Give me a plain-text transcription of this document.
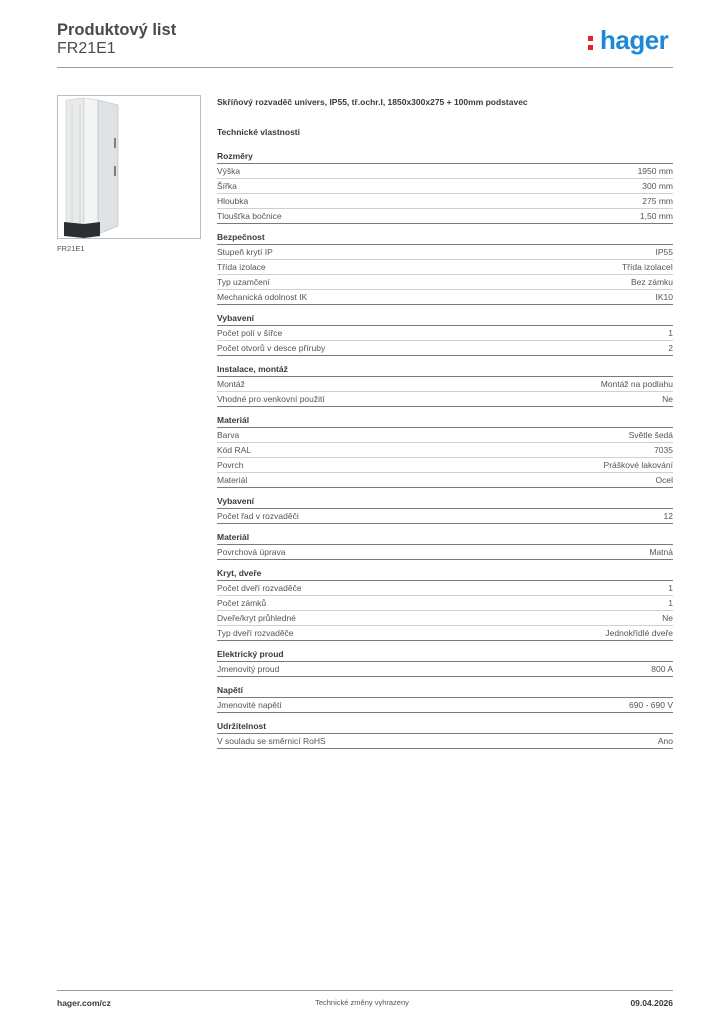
Produktový list
FR21E1	hager
FR21E1
Skříňový rozvaděč univers, IP55, tř.ochr.I, 1850x300x275 + 100mm podstavec
Technické vlastnosti
Rozměry
Výška	1950 mm
Šířka	300 mm
Hloubka	275 mm
Tloušťka bočnice	1,50 mm
Bezpečnost
Stupeň krytí IP	IP55
Třída izolace	Třída izolaceI
Typ uzamčení	Bez zámku
Mechanická odolnost IK	IK10
Vybavení
Počet polí v šířce	1
Počet otvorů v desce příruby	2
Instalace, montáž
Montáž	Montáž na podlahu
Vhodné pro venkovní použití	Ne
Materiál
Barva	Světle šedá
Kód RAL	7035
Povrch	Práškové lakování
Materiál	Ocel
Vybavení
Počet řad v rozvaděči	12
Materiál
Povrchová úprava	Matná
Kryt, dveře
Počet dveří rozvaděče	1
Počet zámků	1
Dveře/kryt průhledné	Ne
Typ dveří rozvaděče	Jednokřídlé dveře
Elektrický proud
Jmenovitý proud	800 A
Napětí
Jmenovité napětí	690 - 690 V
Udržitelnost
V souladu se směrnicí RoHS	Ano
hager.com/cz	Technické změny vyhrazeny	09.04.2026
